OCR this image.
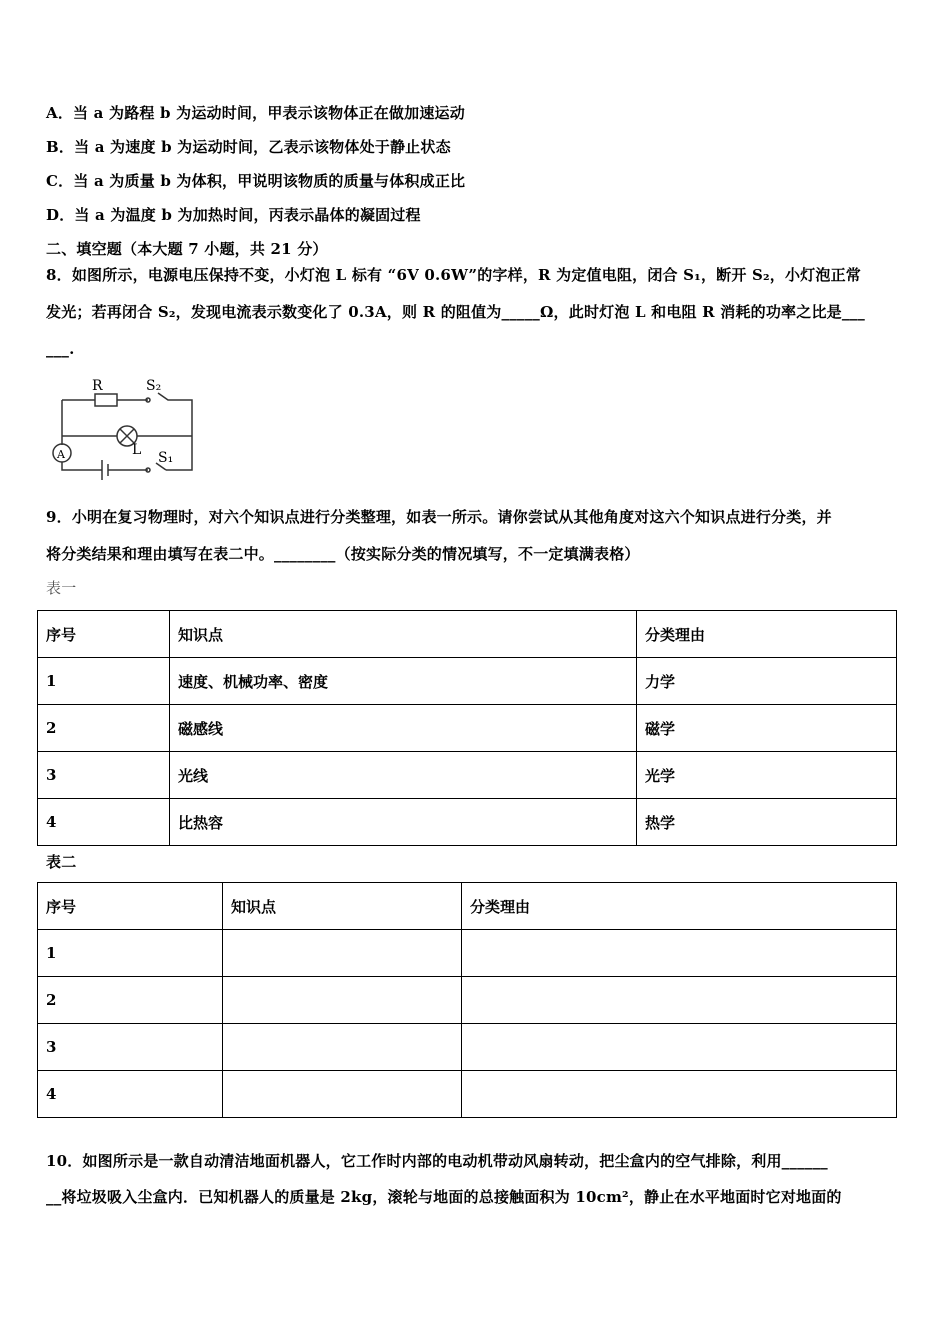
A．当 a 为路程 b 为运动时间，甲表示该物体正在做加速运动
B．当 a 为速度 b 为运动时间，乙表示该物体处于静止状态
C．当 a 为质量 b 为体积，甲说明该物质的质量与体积成正比
D．当 a 为温度 b 为加热时间，丙表示晶体的凝固过程
二、填空题（本大题 7 小题，共 21 分）
8．如图所示，电源电压保持不变，小灯泡 L 标有 “6V 0.6W”的字样，R 为定值电阻，闭合 S₁，断开 S₂，小灯泡正常
发光；若再闭合 S₂，发现电流表示数变化了 0.3A，则 R 的阻值为_____Ω，此时灯泡 L 和电阻 R 消耗的功率之比是___
___.
R	S₂
L S₁
A
9．小明在复习物理时，对六个知识点进行分类整理，如表一所示。请你尝试从其他角度对这六个知识点进行分类，并
将分类结果和理由填写在表二中。________（按实际分类的情况填写，不一定填满表格）
表一
序号	知识点	分类理由
1	速度、机械功率、密度	力学
2	磁感线	磁学
3	光线	光学
4	比热容	热学
表二
序号	知识点	分类理由
1		
2		
3		
4		
10．如图所示是一款自动清洁地面机器人，它工作时内部的电动机带动风扇转动，把尘盒内的空气排除，利用______
__将垃圾吸入尘盒内．已知机器人的质量是 2kg，滚轮与地面的总接触面积为 10cm²，静止在水平地面时它对地面的
